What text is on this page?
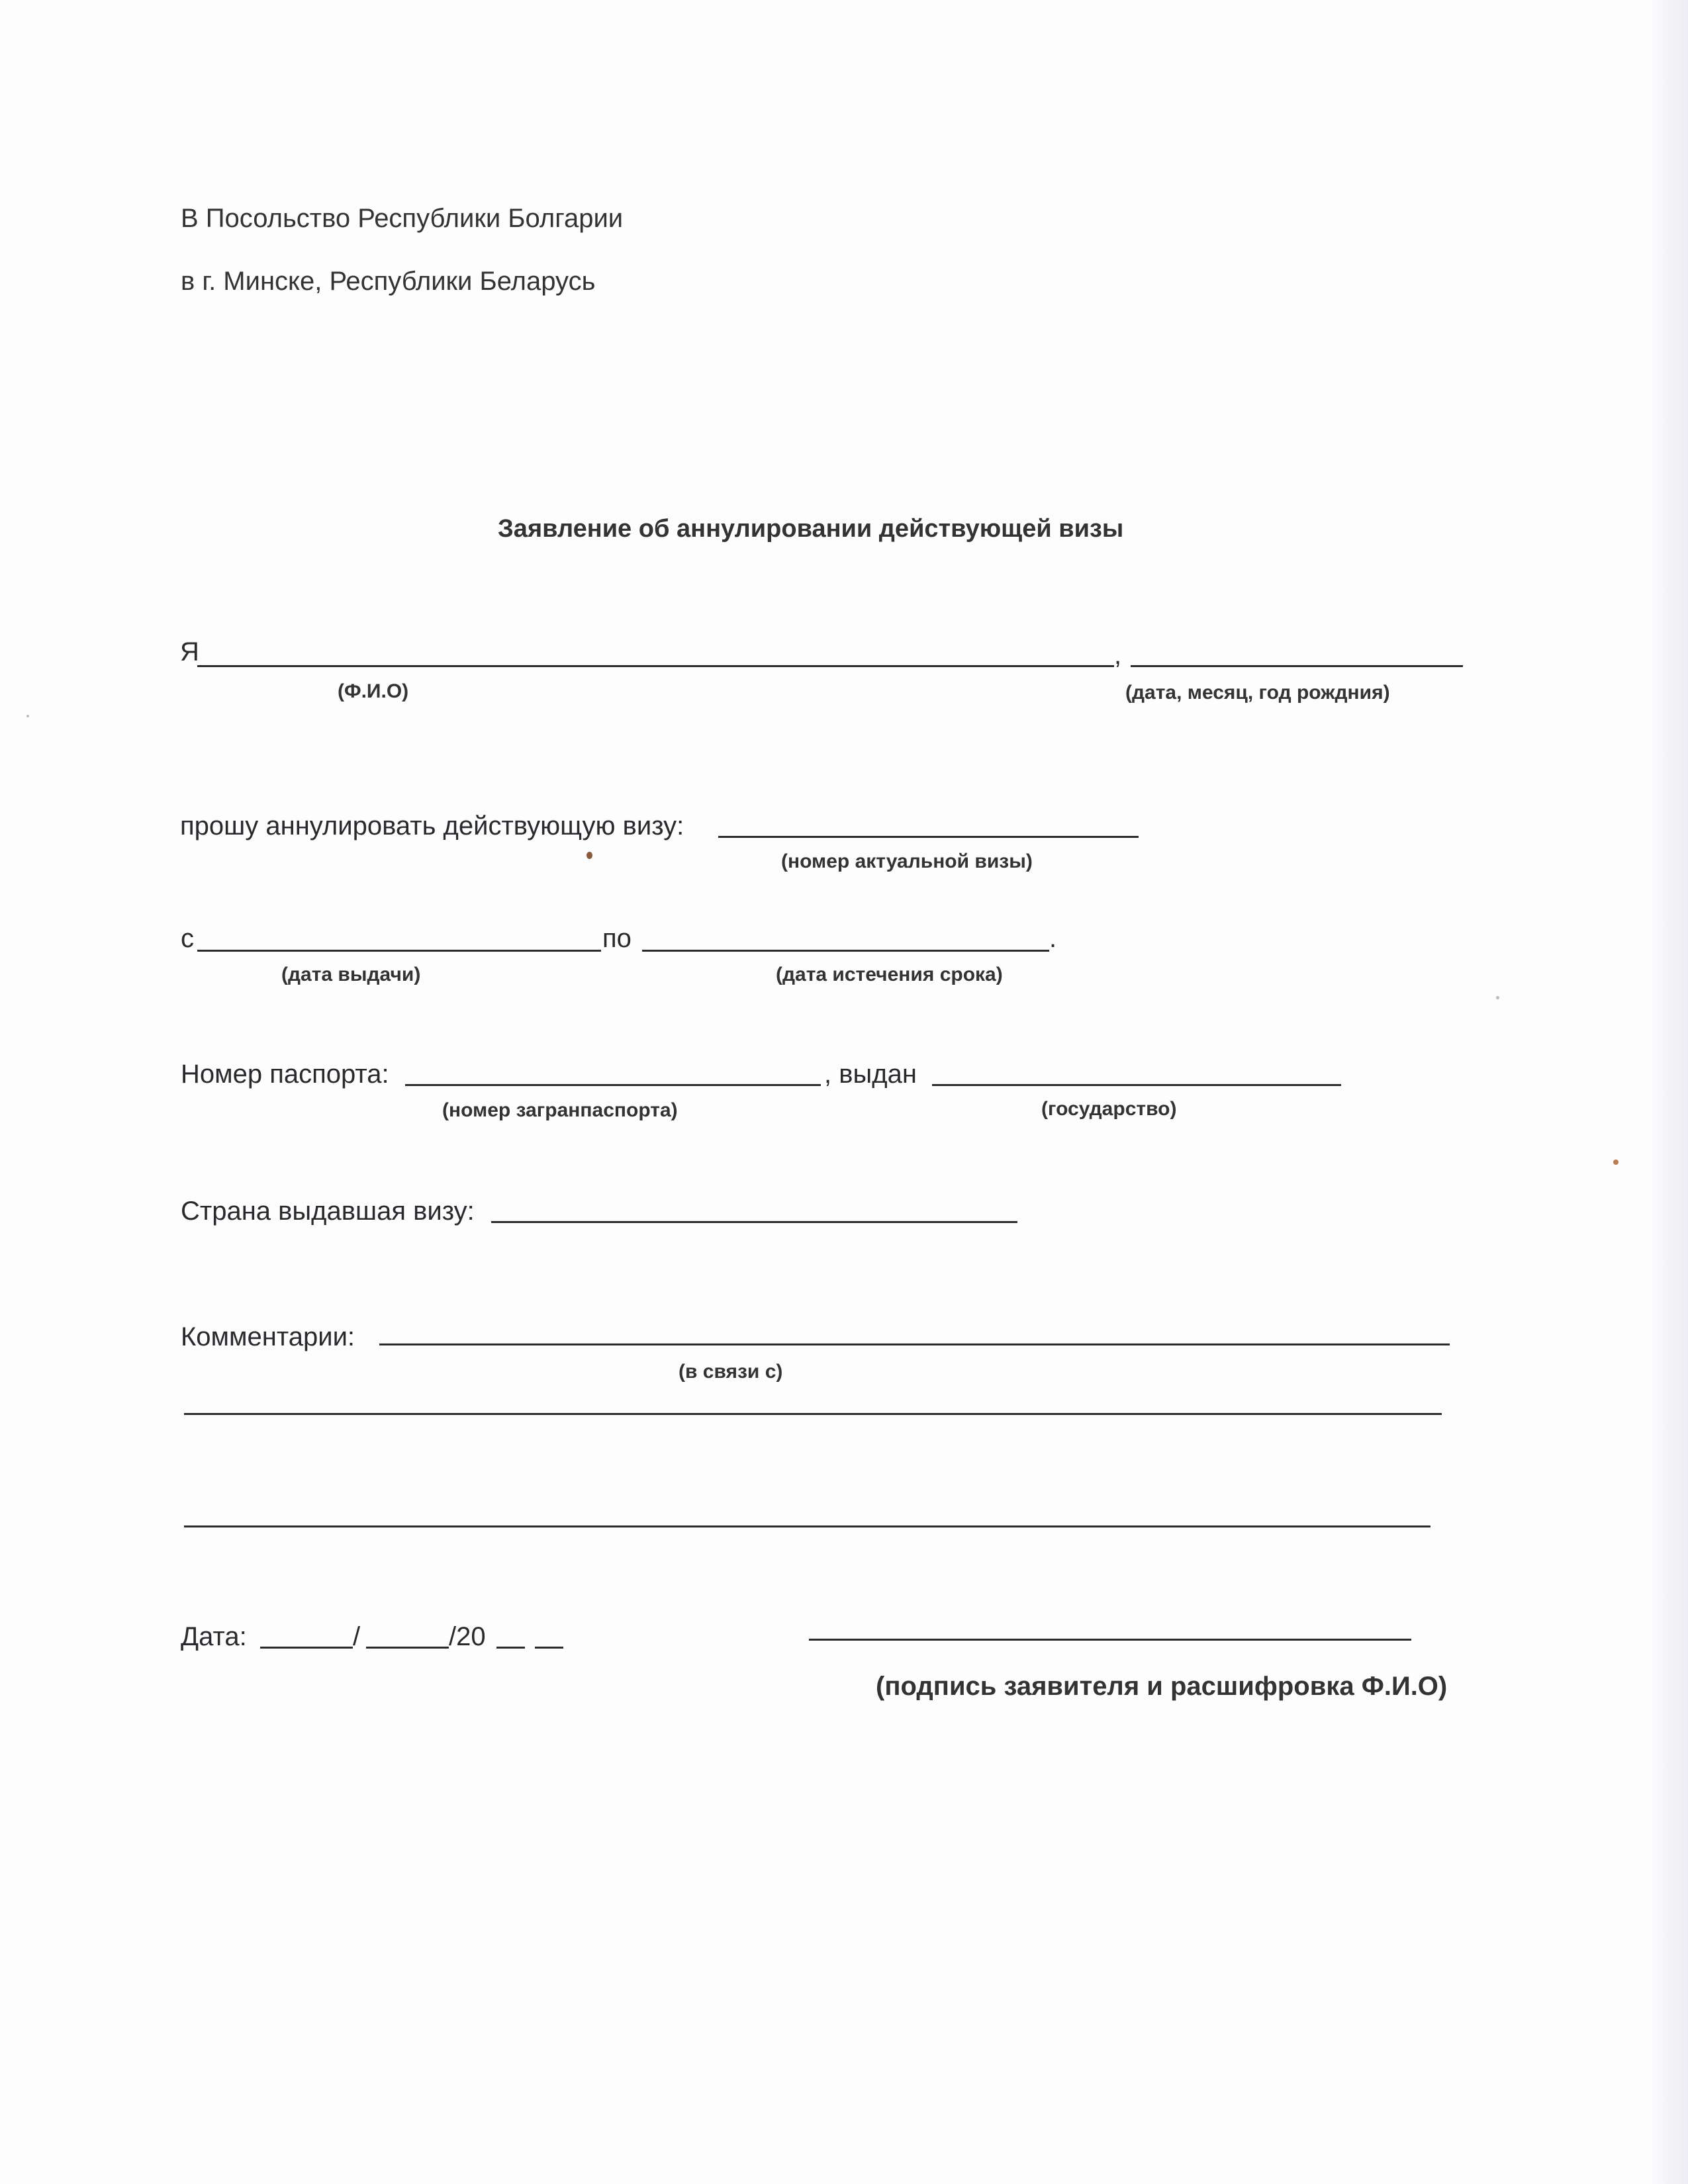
В Посольство Республики Болгарии
в г. Минске, Республики Беларусь
Заявление об аннулировании действующей визы
Я	,
(Ф.И.О)	(дата, месяц, год рождния)
прошу аннулировать действующую визу:
(номер актуальной визы)
с	по	.
(дата выдачи)	(дата истечения срока)
Номер паспорта:	, выдан
(номер загранпаспорта)	(государство)
Страна выдавшая визу:
Комментарии:
(в связи с)
Дата:	/	/20
(подпись заявителя и расшифровка Ф.И.О)
